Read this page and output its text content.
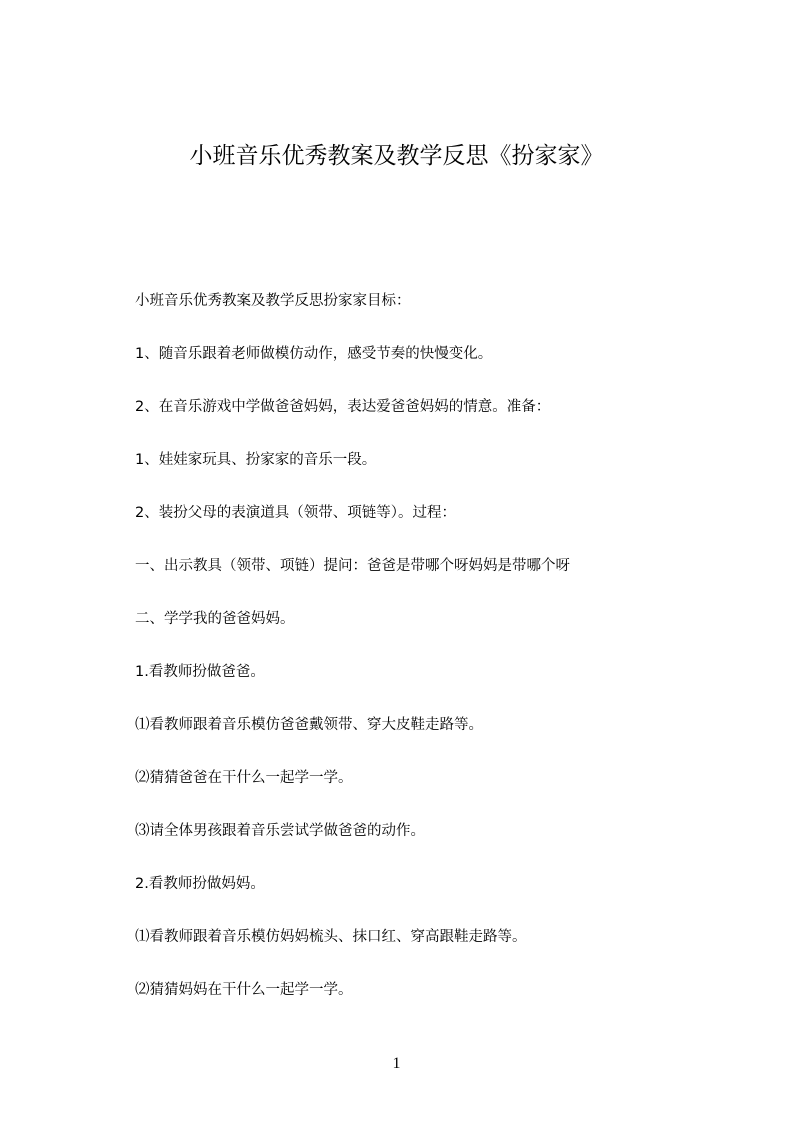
小班音乐优秀教案及教学反思《扮家家》
小班音乐优秀教案及教学反思扮家家目标：
1、随音乐跟着老师做模仿动作，感受节奏的快慢变化。
2、在音乐游戏中学做爸爸妈妈，表达爱爸爸妈妈的情意。准备：
1、娃娃家玩具、扮家家的音乐一段。
2、装扮父母的表演道具（领带、项链等）。过程：
一、出示教具（领带、项链）提问：爸爸是带哪个呀妈妈是带哪个呀
二、学学我的爸爸妈妈。
1.看教师扮做爸爸。
⑴看教师跟着音乐模仿爸爸戴领带、穿大皮鞋走路等。
⑵猜猜爸爸在干什么一起学一学。
⑶请全体男孩跟着音乐尝试学做爸爸的动作。
2.看教师扮做妈妈。
⑴看教师跟着音乐模仿妈妈梳头、抹口红、穿高跟鞋走路等。
⑵猜猜妈妈在干什么一起学一学。
1
